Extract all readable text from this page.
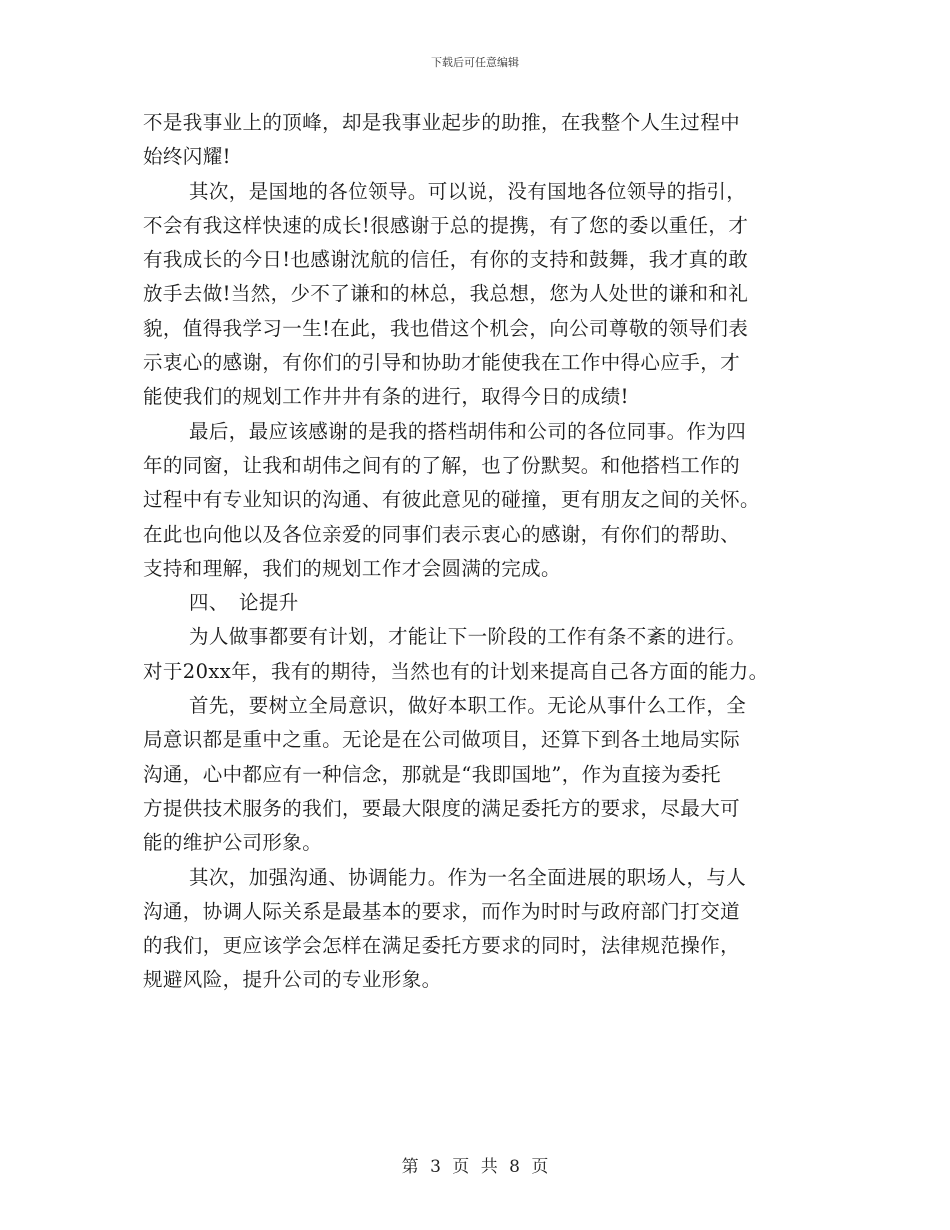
下载后可任意编辑
不是我事业上的顶峰，却是我事业起步的助推，在我整个人生过程中
始终闪耀!
其次，是国地的各位领导。可以说，没有国地各位领导的指引，
不会有我这样快速的成长!很感谢于总的提携，有了您的委以重任，才
有我成长的今日!也感谢沈航的信任，有你的支持和鼓舞，我才真的敢
放手去做!当然，少不了谦和的林总，我总想，您为人处世的谦和和礼
貌，值得我学习一生!在此，我也借这个机会，向公司尊敬的领导们表
示衷心的感谢，有你们的引导和协助才能使我在工作中得心应手，才
能使我们的规划工作井井有条的进行，取得今日的成绩!
最后，最应该感谢的是我的搭档胡伟和公司的各位同事。作为四
年的同窗，让我和胡伟之间有的了解，也了份默契。和他搭档工作的
过程中有专业知识的沟通、有彼此意见的碰撞，更有朋友之间的关怀。
在此也向他以及各位亲爱的同事们表示衷心的感谢，有你们的帮助、
支持和理解，我们的规划工作才会圆满的完成。
四、　论提升
为人做事都要有计划，才能让下一阶段的工作有条不紊的进行。
对于20xx年，我有的期待，当然也有的计划来提高自己各方面的能力。
首先，要树立全局意识，做好本职工作。无论从事什么工作，全
局意识都是重中之重。无论是在公司做项目，还算下到各土地局实际
沟通，心中都应有一种信念，那就是“我即国地”，作为直接为委托
方提供技术服务的我们，要最大限度的满足委托方的要求，尽最大可
能的维护公司形象。
其次，加强沟通、协调能力。作为一名全面进展的职场人，与人
沟通，协调人际关系是最基本的要求，而作为时时与政府部门打交道
的我们，更应该学会怎样在满足委托方要求的同时，法律规范操作，
规避风险，提升公司的专业形象。
第 3 页 共 8 页
